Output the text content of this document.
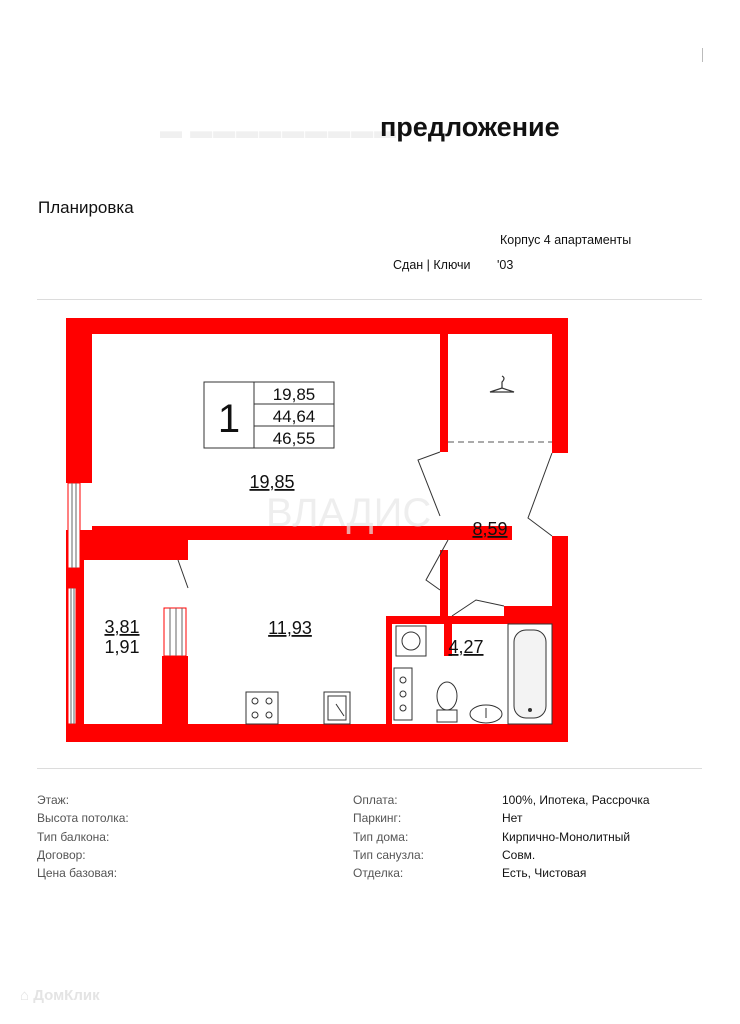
▬ ▬▬▬▬▬▬▬▬▬
предложение
Планировка
Корпус 4 апартаменты
Сдан | Ключи '03
ВЛАДИС
1
19,85
44,64
46,55
19,85
8,59
11,93
4,27
3,81
1,91
Этаж:
Высота потолка:
Тип балкона:
Договор:
Цена базовая:
Оплата:	100%, Ипотека, Рассрочка
Паркинг:	Нет
Тип дома:	Кирпично-Монолитный
Тип санузла:	Совм.
Отделка:	Есть, Чистовая
⌂ ДомКлик
